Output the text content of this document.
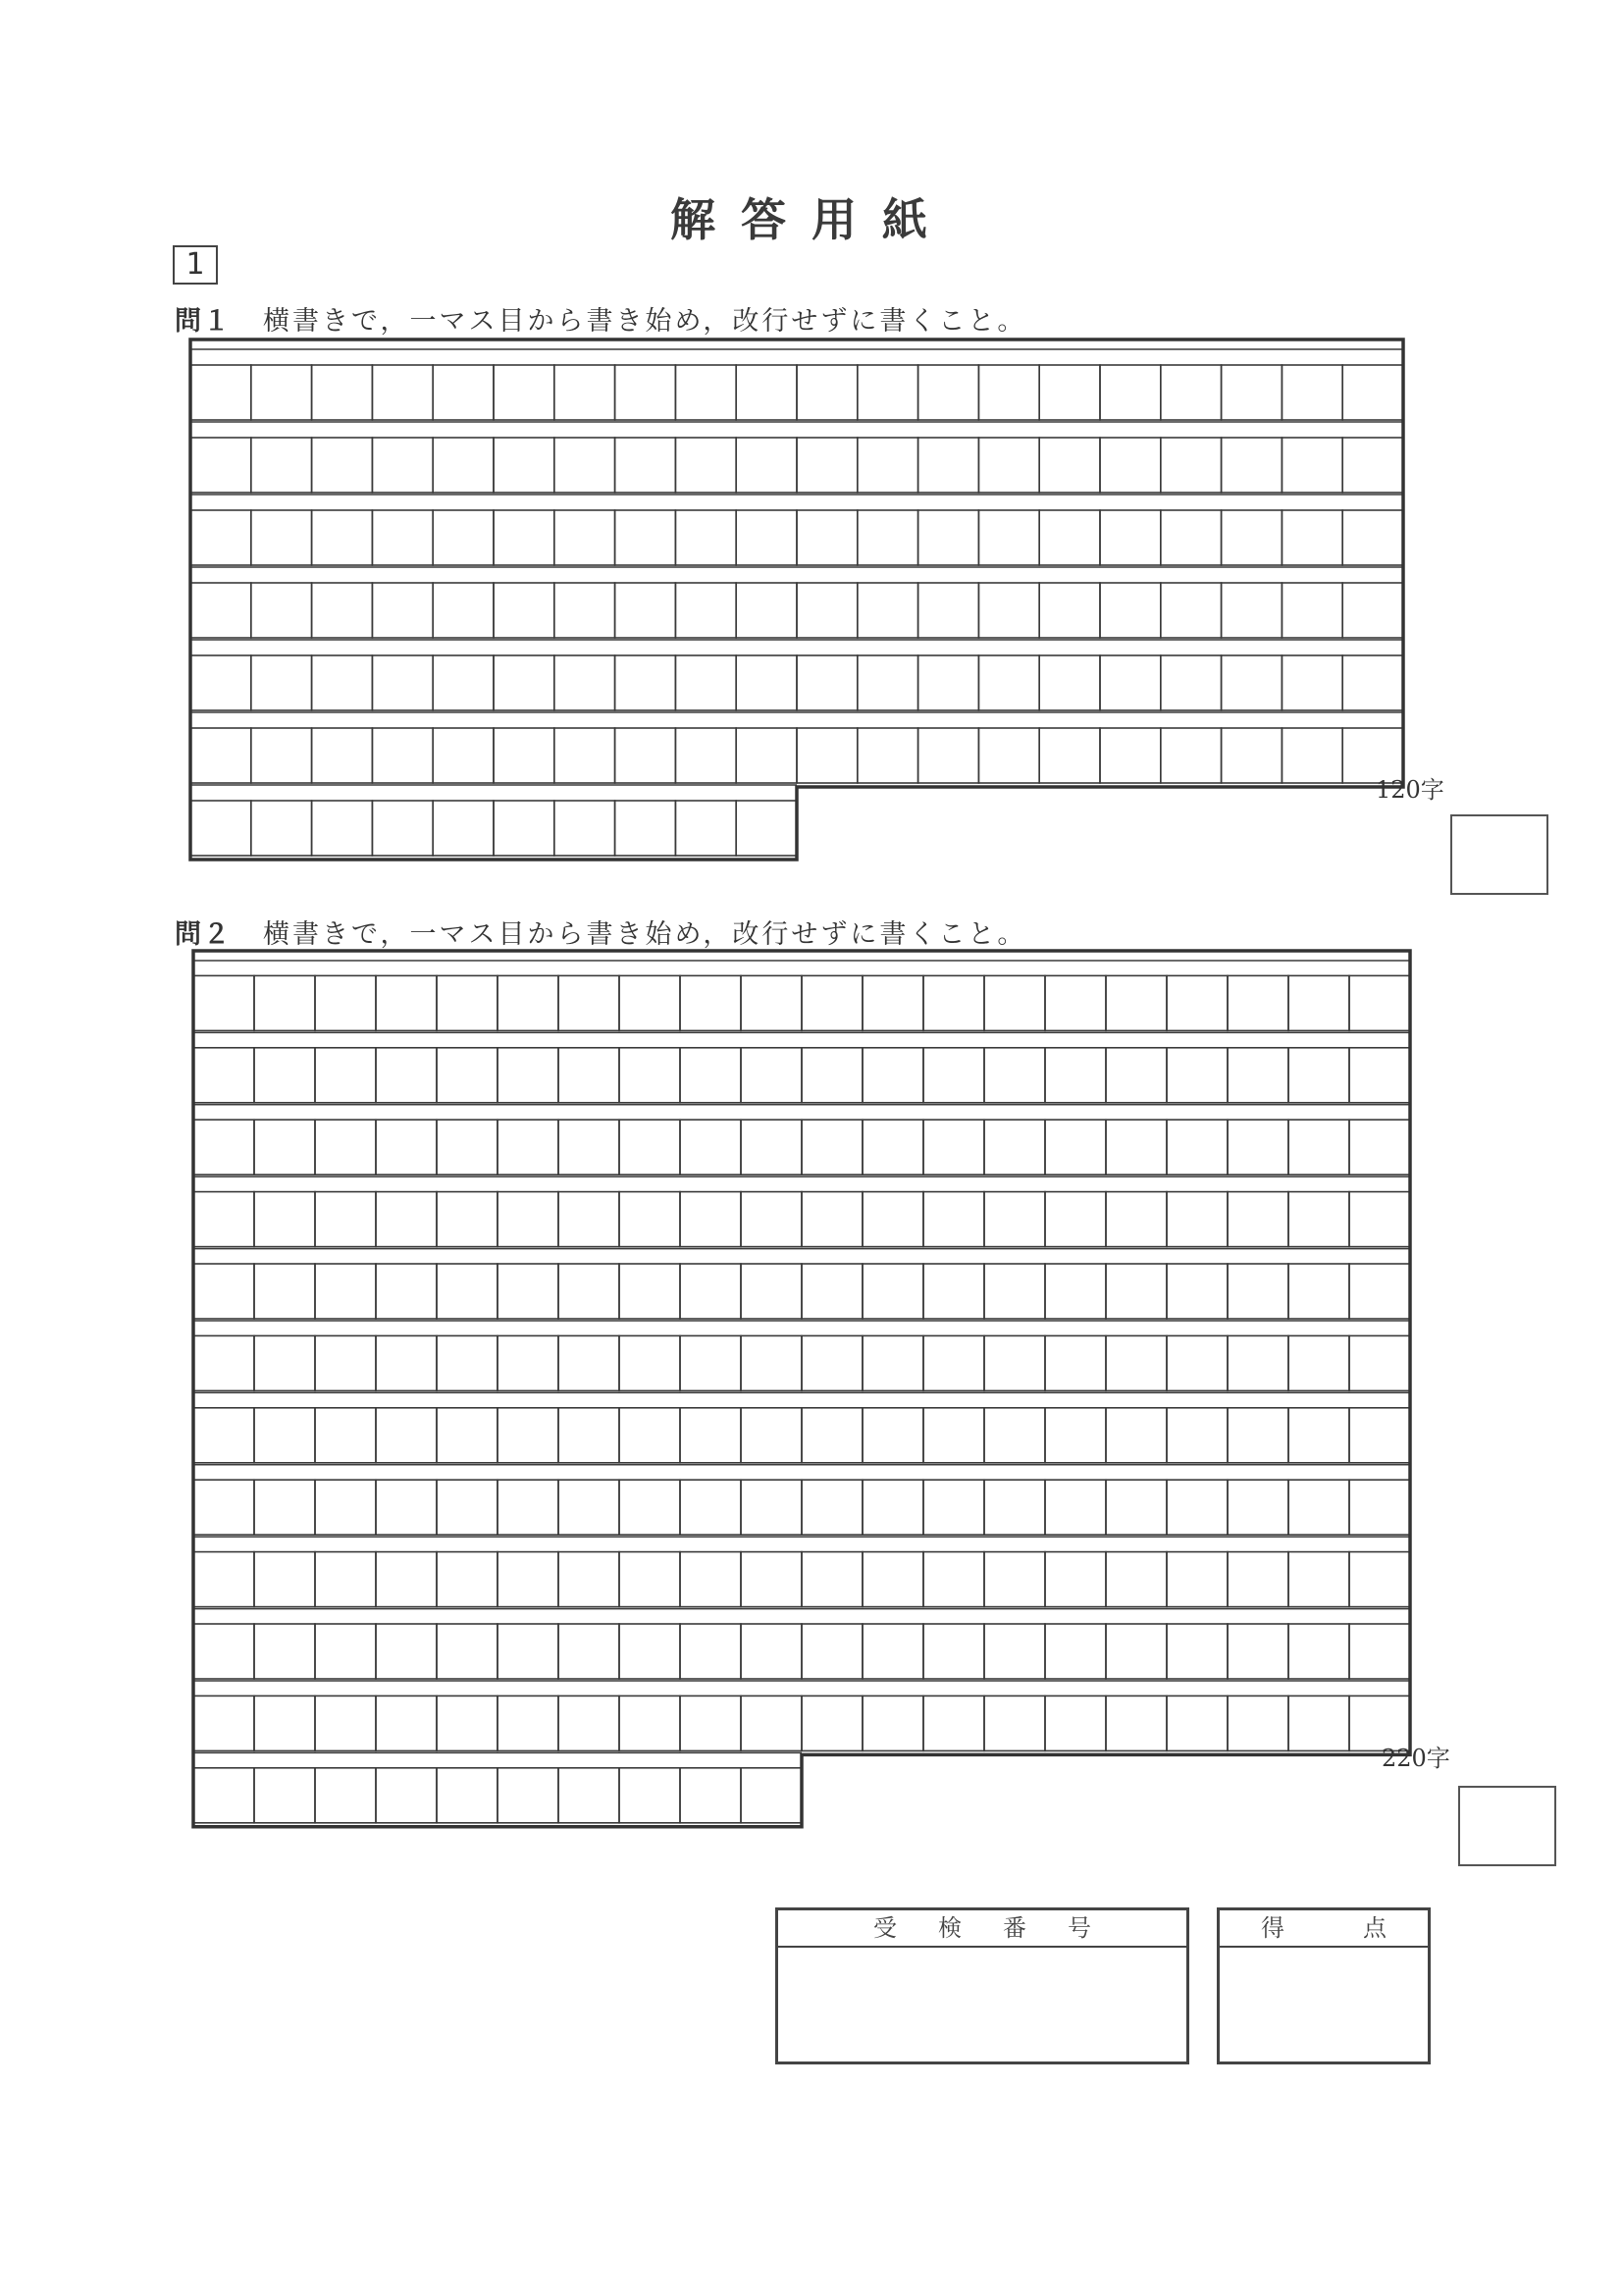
解答用紙
1
問１ 横書きで，一マス目から書き始め，改行せずに書くこと。
120字
問２ 横書きで，一マス目から書き始め，改行せずに書くこと。
220字
受検番号	得点
